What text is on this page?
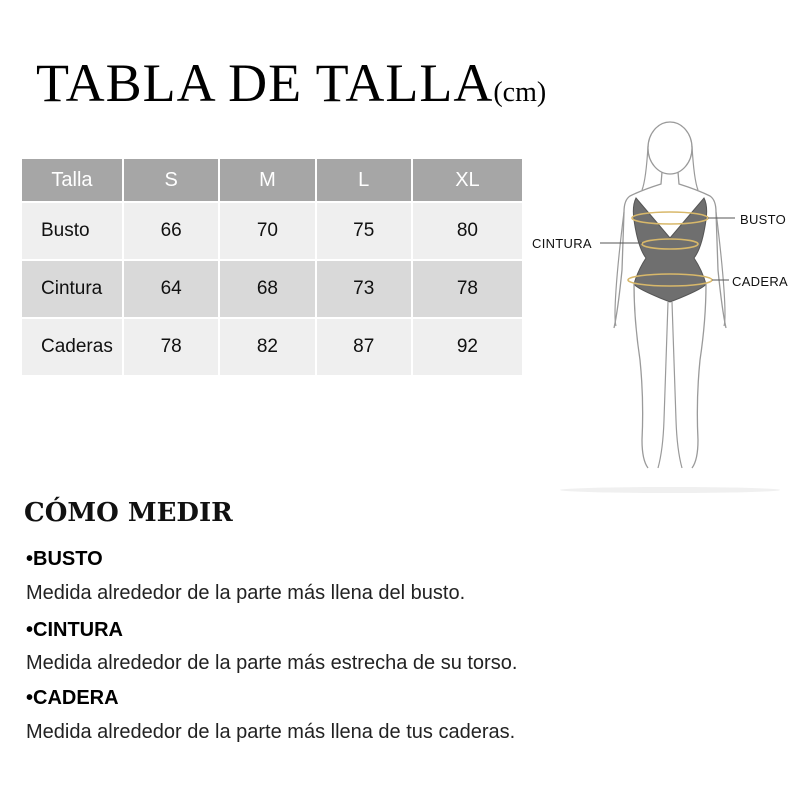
TABLA DE TALLA(cm)
Talla	S	M	L	XL
Busto	66	70	75	80
Cintura	64	68	73	78
Caderas	78	82	87	92
BUSTO
CINTURA
CADERA
CÓMO MEDIR
•BUSTO
Medida alrededor de la parte más llena del busto.
•CINTURA
Medida alrededor de la parte más estrecha de su torso.
•CADERA
Medida alrededor de la parte más llena de tus caderas.
